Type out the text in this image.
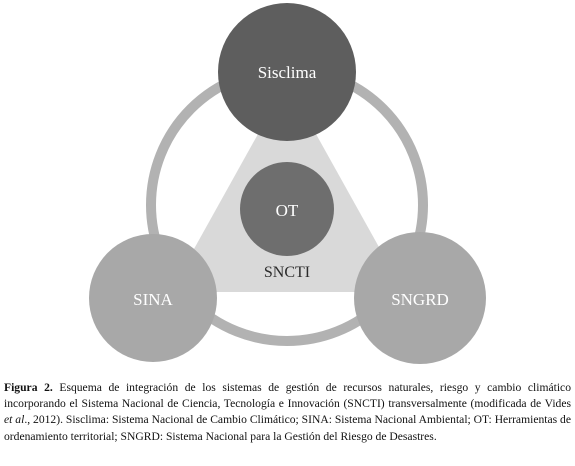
Sisclima
OT
SNCTI
SINA	SNGRD
Figura 2. Esquema de integración de los sistemas de gestión de recursos naturales, riesgo y cambio climático incorporando el Sistema Nacional de Ciencia, Tecnología e Innovación (SNCTI) transversalmente (modificada de Vides et al., 2012). Sisclima: Sistema Nacional de Cambio Climático; SINA: Sistema Nacional Ambiental; OT: Herramientas de ordenamiento territorial; SNGRD: Sistema Nacional para la Gestión del Riesgo de Desastres.
